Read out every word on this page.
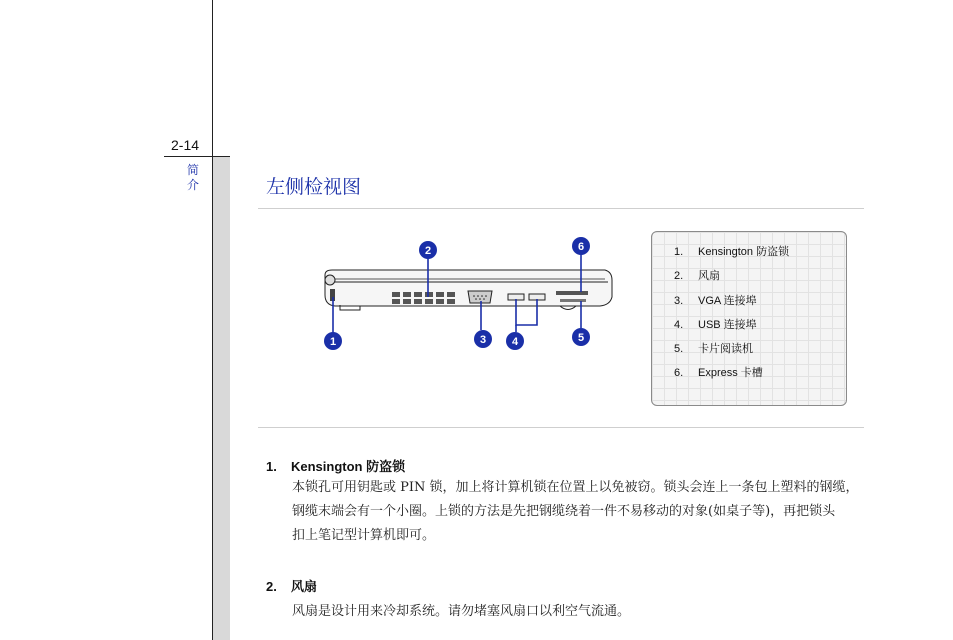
2-14
简介	左侧检视图
1
2
3 4	5
6	1. Kensington 防盗锁
2. 风扇
3. VGA 连接埠
4. USB 连接埠
5. 卡片阅读机
6. Express 卡槽
1. Kensington 防盗锁
本锁孔可用钥匙或 PIN 锁，加上将计算机锁在位置上以免被窃。锁头会连上一条包上塑料的钢缆，
钢缆末端会有一个小圈。上锁的方法是先把钢缆绕着一件不易移动的对象(如桌子等)，再把锁头
扣上笔记型计算机即可。
2. 风扇
风扇是设计用来冷却系统。请勿堵塞风扇口以利空气流通。
